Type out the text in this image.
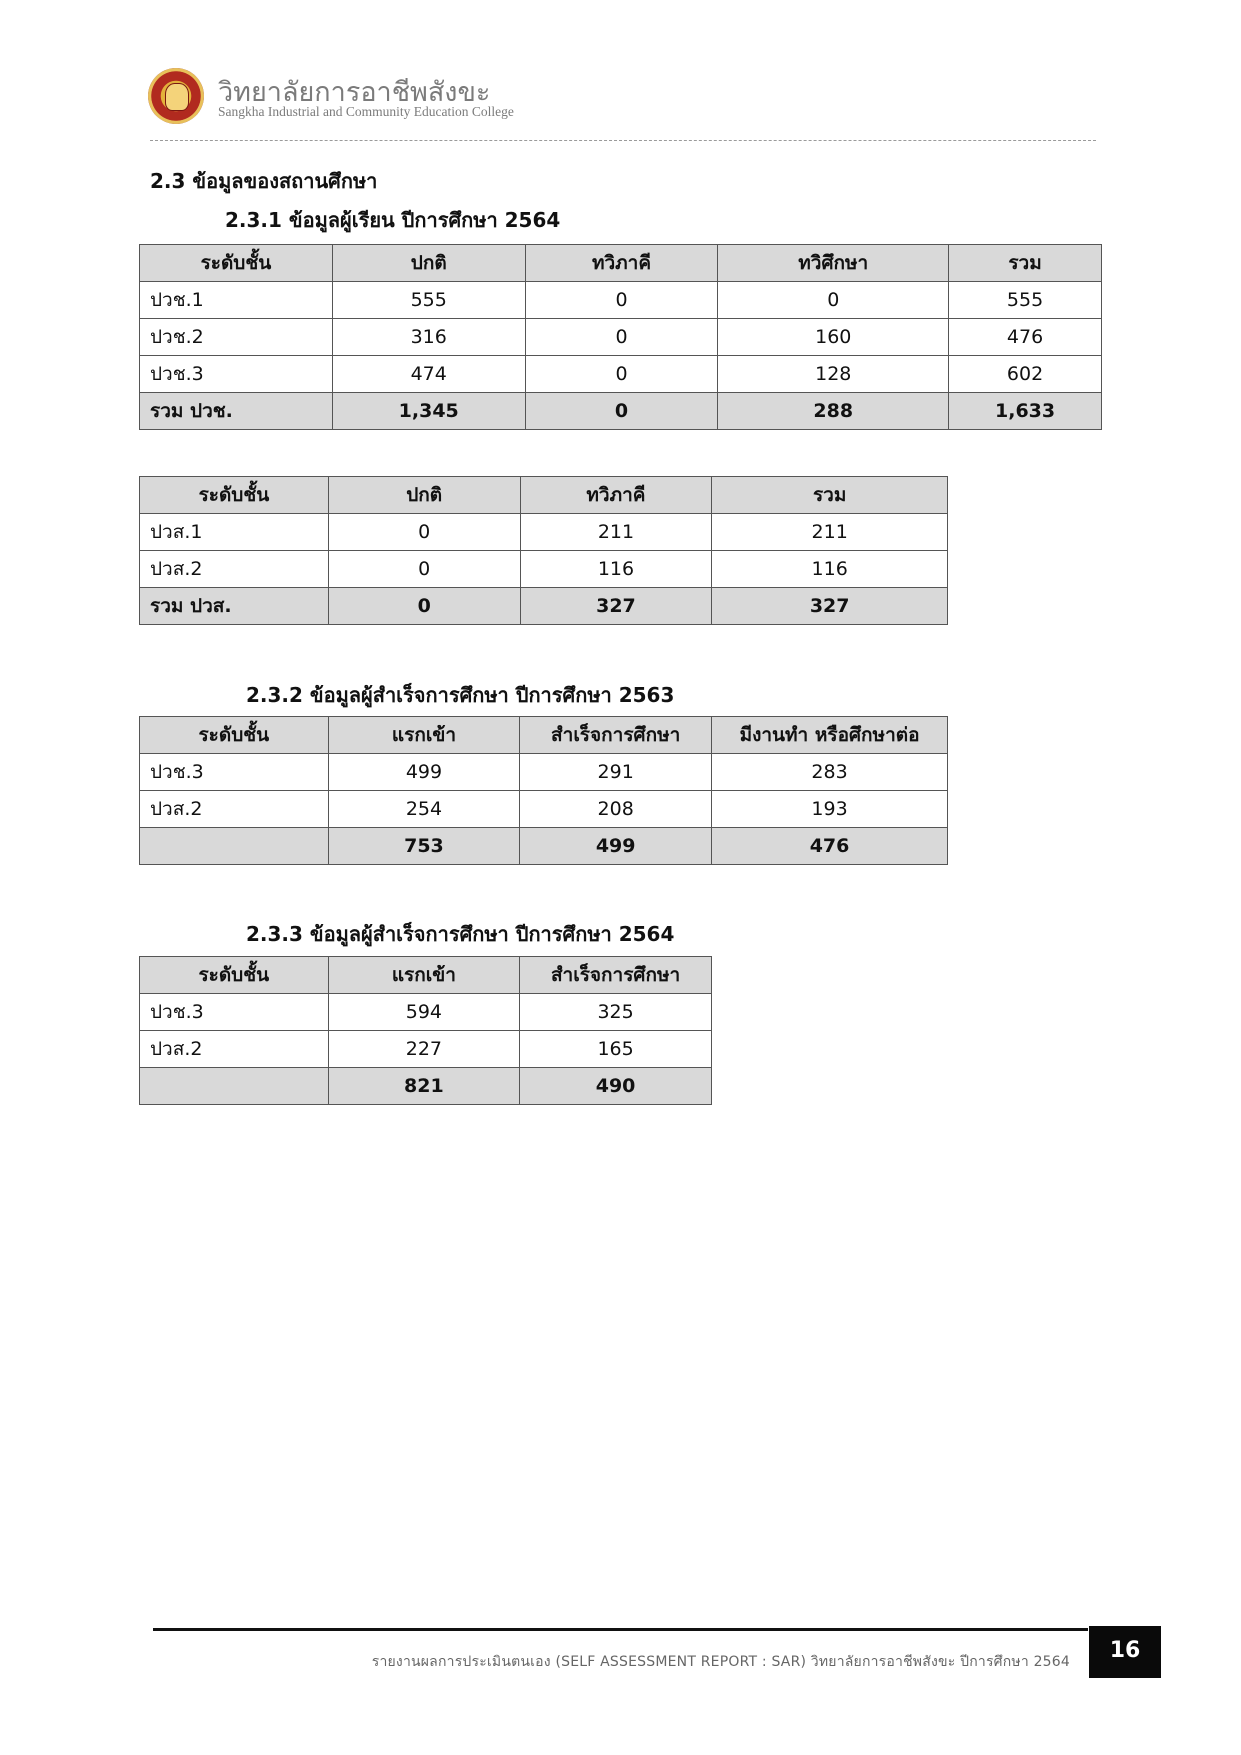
วิทยาลัยการอาชีพสังขะ
Sangkha Industrial and Community Education College
2.3 ข้อมูลของสถานศึกษา
2.3.1 ข้อมูลผู้เรียน ปีการศึกษา 2564
ระดับชั้น	ปกติ	ทวิภาคี	ทวิศึกษา	รวม
ปวช.1	555	0	0	555
ปวช.2	316	0	160	476
ปวช.3	474	0	128	602
รวม ปวช.	1,345	0	288	1,633
ระดับชั้น	ปกติ	ทวิภาคี	รวม
ปวส.1	0	211	211
ปวส.2	0	116	116
รวม ปวส.	0	327	327
2.3.2 ข้อมูลผู้สำเร็จการศึกษา ปีการศึกษา 2563
ระดับชั้น	แรกเข้า	สำเร็จการศึกษา	มีงานทำ หรือศึกษาต่อ
ปวช.3	499	291	283
ปวส.2	254	208	193
	753	499	476
2.3.3 ข้อมูลผู้สำเร็จการศึกษา ปีการศึกษา 2564
ระดับชั้น	แรกเข้า	สำเร็จการศึกษา
ปวช.3	594	325
ปวส.2	227	165
	821	490
รายงานผลการประเมินตนเอง (SELF ASSESSMENT REPORT : SAR) วิทยาลัยการอาชีพสังขะ ปีการศึกษา 2564	16
